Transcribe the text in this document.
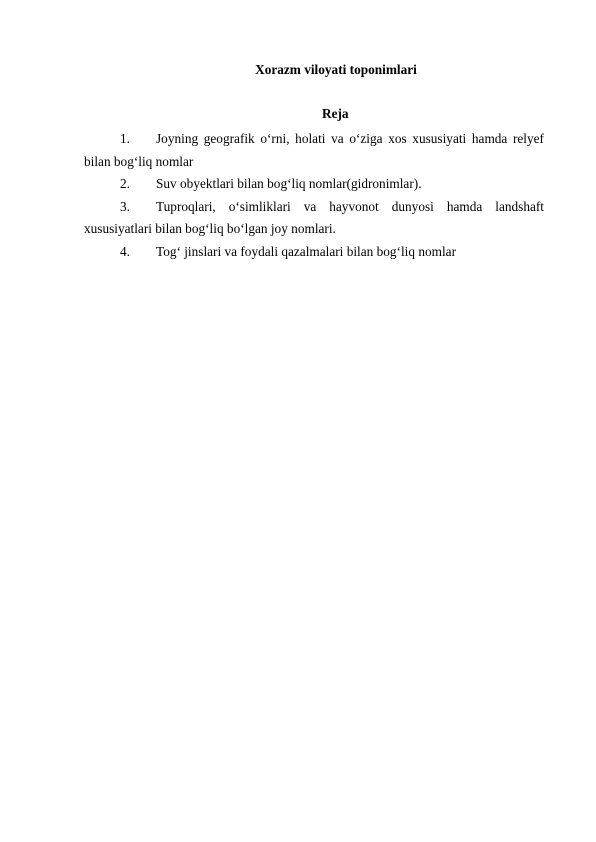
Xorazm viloyati toponimlari
Reja
1.	Joyning geografik o‘rni, holati va o‘ziga xos xususiyati hamda relyef
bilan bog‘liq nomlar
2.	Suv obyektlari bilan bog‘liq nomlar(gidronimlar).
3.	Tuproqlari, o‘simliklari va hayvonot dunyosi hamda landshaft
xususiyatlari bilan bog‘liq bo‘lgan joy nomlari.
4.	Tog‘ jinslari va foydali qazalmalari bilan bog‘liq nomlar
